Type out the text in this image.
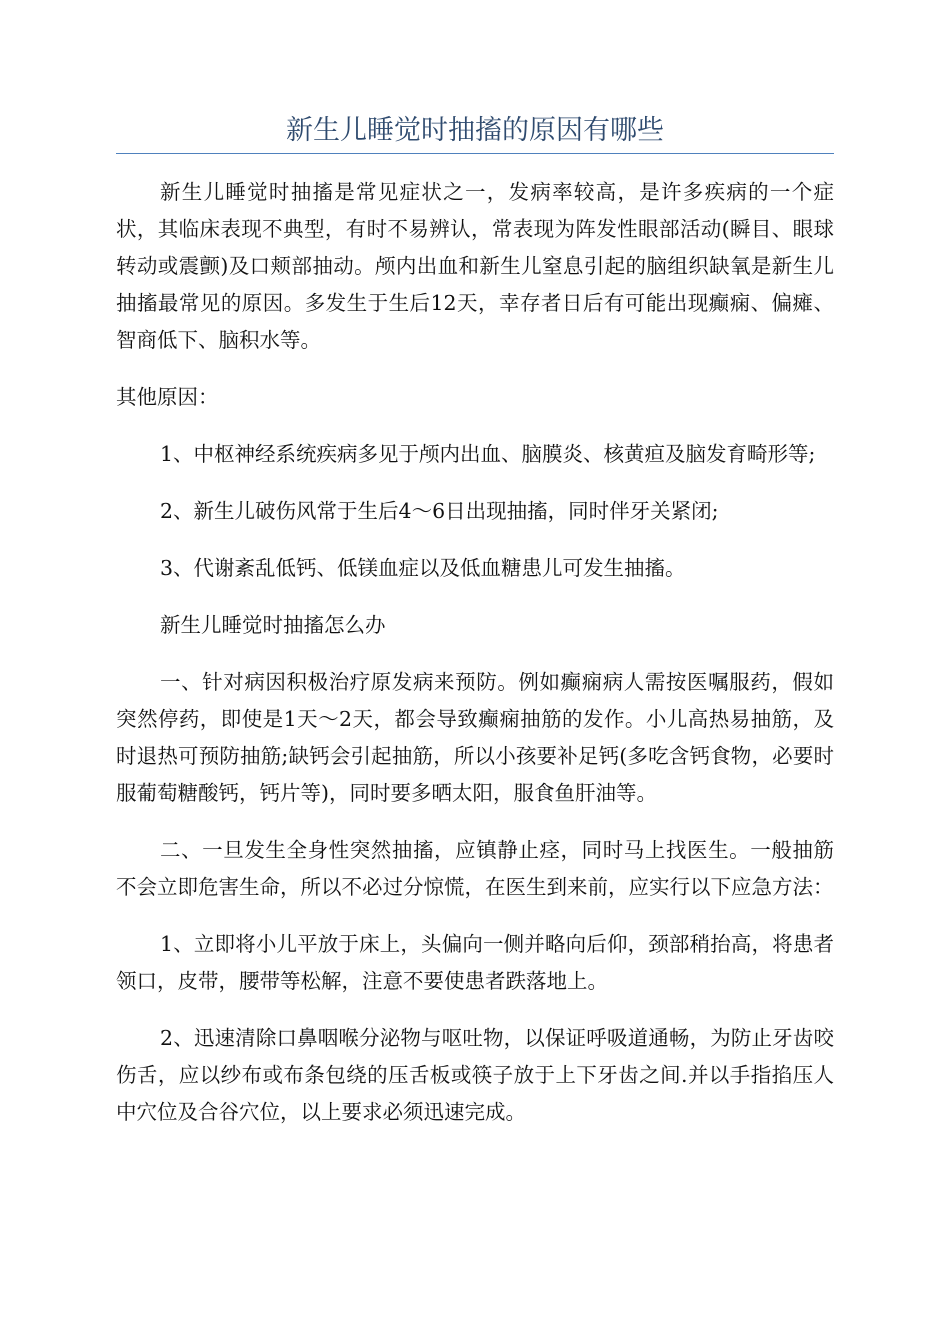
新生儿睡觉时抽搐的原因有哪些

新生儿睡觉时抽搐是常见症状之一，发病率较高，是许多疾病的一个症状，其临床表现不典型，有时不易辨认，常表现为阵发性眼部活动(瞬目、眼球转动或震颤)及口颊部抽动。颅内出血和新生儿窒息引起的脑组织缺氧是新生儿抽搐最常见的原因。多发生于生后12天，幸存者日后有可能出现癫痫、偏瘫、智商低下、脑积水等。

其他原因：

1、中枢神经系统疾病多见于颅内出血、脑膜炎、核黄疸及脑发育畸形等;

2、新生儿破伤风常于生后4～6日出现抽搐，同时伴牙关紧闭;

3、代谢紊乱低钙、低镁血症以及低血糖患儿可发生抽搐。

新生儿睡觉时抽搐怎么办

一、针对病因积极治疗原发病来预防。例如癫痫病人需按医嘱服药，假如突然停药，即使是1天～2天，都会导致癫痫抽筋的发作。小儿高热易抽筋，及时退热可预防抽筋;缺钙会引起抽筋，所以小孩要补足钙(多吃含钙食物，必要时服葡萄糖酸钙，钙片等)，同时要多晒太阳，服食鱼肝油等。

二、一旦发生全身性突然抽搐，应镇静止痉，同时马上找医生。一般抽筋不会立即危害生命，所以不必过分惊慌，在医生到来前，应实行以下应急方法：

1、立即将小儿平放于床上，头偏向一侧并略向后仰，颈部稍抬高，将患者领口，皮带，腰带等松解，注意不要使患者跌落地上。

2、迅速清除口鼻咽喉分泌物与呕吐物，以保证呼吸道通畅，为防止牙齿咬伤舌，应以纱布或布条包绕的压舌板或筷子放于上下牙齿之间.并以手指掐压人中穴位及合谷穴位，以上要求必须迅速完成。
